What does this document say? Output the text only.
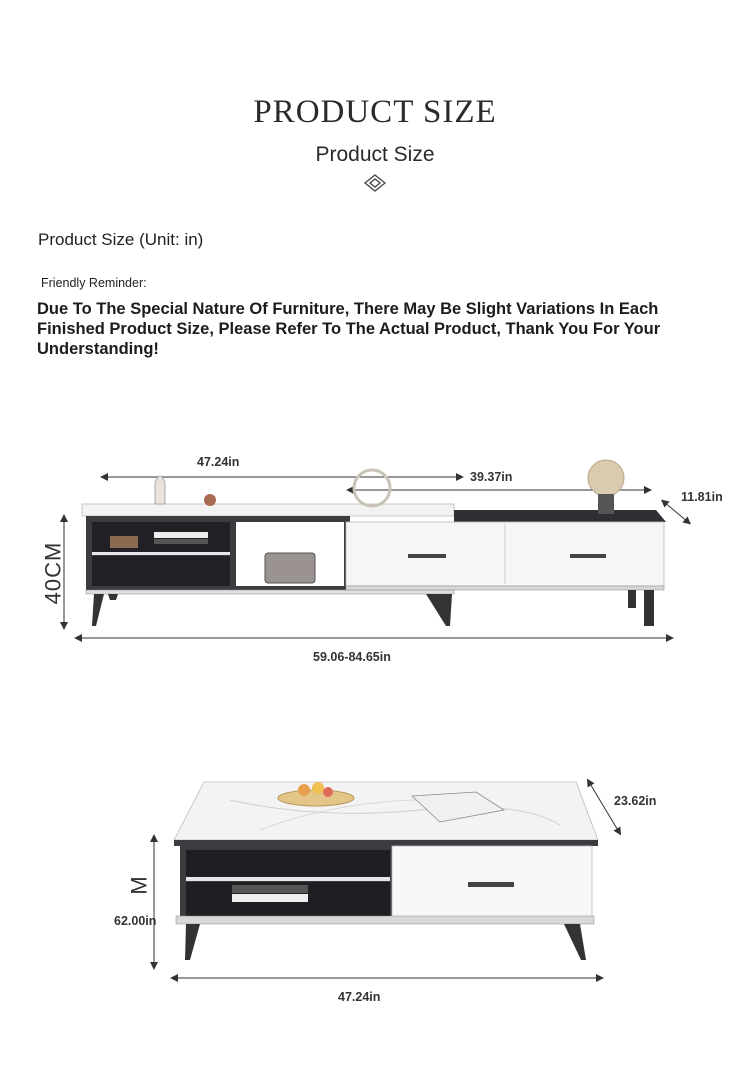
PRODUCT SIZE
Product Size
Product Size (Unit: in)
Friendly Reminder:
Due To The Special Nature Of Furniture, There May Be Slight Variations In Each Finished Product Size, Please Refer To The Actual Product, Thank You For Your Understanding!
47.24in
39.37in
11.81in
40CM
59.06-84.65in
23.62in
M
62.00in
47.24in
